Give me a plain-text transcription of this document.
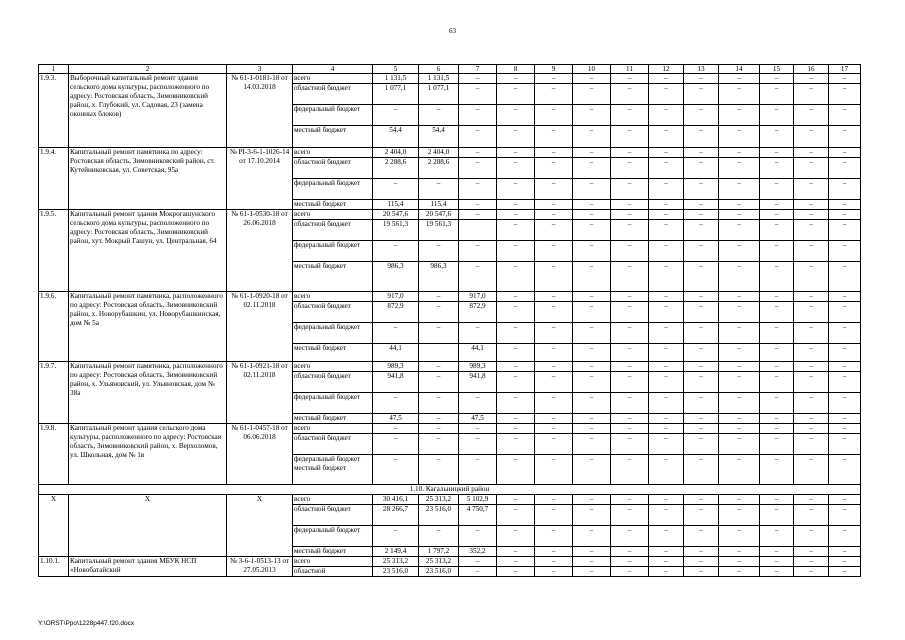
63
1	2	3	4	5	6	7	8	9	10	11	12	13	14	15	16	17
1.9.3.	Выборочный капитальный ремонт здания сельского дома культуры, расположенного по адресу: Ростовская область, Зимовниковский район, х. Глубокий, ул. Садовая, 23 (замена оконных блоков)	№ 61-1-0181-18 от 14.03.2018	всего	1 131,5	1 131,5	–	–	–	–	–	–	–	–	–	–	–
			областной бюджет	1 077,1	1 077,1	–	–	–	–	–	–	–	–	–	–	–
			федеральный бюджет	–	–	–	–	–	–	–	–	–	–	–	–	–
			местный бюджет	54,4	54,4	–	–	–	–	–	–	–	–	–	–	–
1.9.4.	Капитальный ремонт памятника по адресу: Ростовская область, Зимовниковский район, ст. Кутейниковская, ул. Советская, 95а	№ РІ-3-6-1-1026-14 от 17.10.2014	всего	2 404,0	2 404,0	–	–	–	–	–	–	–	–	–	–	–
			областной бюджет	2 288,6	2 288,6	–	–	–	–	–	–	–	–	–	–	–
			федеральный бюджет	–	–	–	–	–	–	–	–	–	–	–	–	–
			местный бюджет	115,4	115,4	–	–	–	–	–	–	–	–	–	–	–
1.9.5.	Капитальный ремонт здания Мокрогашунского сельского дома культуры, расположенного по адресу: Ростовская область, Зимовниковский район, хут. Мокрый Гашун, ул. Центральная, 64	№ 61-1-0530-18 от 26.06.2018	всего	20 547,6	20 547,6	–	–	–	–	–	–	–	–	–	–	–
			областной бюджет	19 561,3	19 561,3		–	–	–	–	–	–	–	–	–	–
			федеральный бюджет	–	–	–	–	–	–	–	–	–	–	–	–	–
			местный бюджет	986,3	986,3	–	–	–	–	–	–	–	–	–	–	–
1.9.6.	Капитальный ремонт памятника, расположенного по адресу: Ростовская область, Зимовниковский район, х. Новорубашкин, ул. Новорубашкинская, дом № 5а	№ 61-1-0920-18 от 02.11.2018	всего	917,0	–	917,0	–	–	–	–	–	–	–	–	–	–
			областной бюджет	872,9	–	872,9	–	–	–	–	–	–	–	–	–	–
			федеральный бюджет	–	–	–	–	–	–	–	–	–	–	–	–	–
			местный бюджет	44,1		44,1	–	–	–	–	–	–	–	–	–	–
1.9.7.	Капитальный ремонт памятника, расположенного по адресу: Ростовская область, Зимовниковский район, х. Ульяновский, ул. Ульяновская, дом № 38а	№ 61-1-0921-18 от 02.11.2018	всего	989,3	–	989,3	–	–	–	–	–	–	–	–	–	–
			областной бюджет	941,8	–	941,8	–	–	–	–	–	–	–	–	–	–
			федеральный бюджет	–	–	–	–	–	–	–	–	–	–	–	–	–
			местный бюджет	47,5	–	47,5	–	–	–	–	–	–	–	–	–	–
1.9.8.	Капитальный ремонт здания сельского дома культуры, расположенного по адресу: Ростовская область, Зимовниковский район, х. Верхоломов, ул. Школьная, дом № 1в	№ 61-1-0457-18 от 06.06.2018	всего	–	–	–	–	–	–	–	–	–	–	–	–	–
			областной бюджет	–	–	–	–	–	–	–	–	–	–	–	–	–
			федеральный бюджет местный бюджет	–	–	–	–	–	–	–	–	–	–	–	–	–
1.10. Кагальницкий район																
Х	Х	Х	всего	30 416,1	25 313,2	5 102,9	–	–	–	–	–	–	–	–	–	–
			областной бюджет	28 266,7	23 516,0	4 750,7	–	–	–	–	–	–	–	–	–	–
			федеральный бюджет	–	–	–	–	–	–	–	–	–	–	–	–	–
			местный бюджет	2 149,4	1 797,2	352,2	–	–	–	–	–	–	–	–	–	–
1.10.1.	Капитальный ремонт здания МБУК НСП «Новобатайский	№ 3-6-1-0513-13 от 27.05.2013	всего	25 313,2	25 313,2	–	–	–	–	–	–	–	–	–	–	–
			областной	23 516,0	23 516,0	–	–	–	–	–	–	–	–	–	–	–
Y:\ORST\Ppo\1228p447.f20.docx
